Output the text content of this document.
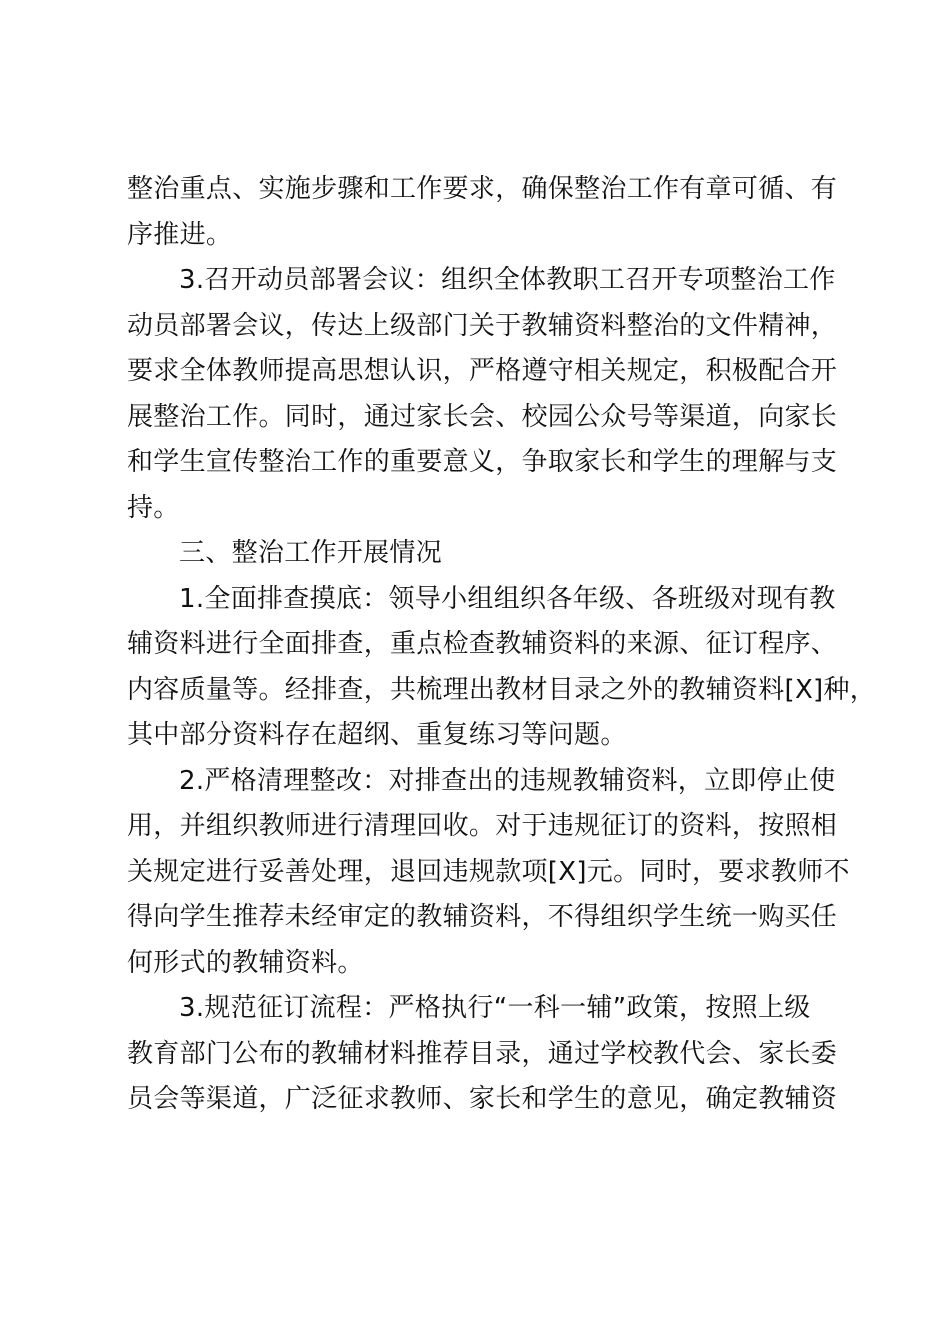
整治重点、实施步骤和工作要求，确保整治工作有章可循、有
序推进。
3.召开动员部署会议：组织全体教职工召开专项整治工作
动员部署会议，传达上级部门关于教辅资料整治的文件精神，
要求全体教师提高思想认识，严格遵守相关规定，积极配合开
展整治工作。同时，通过家长会、校园公众号等渠道，向家长
和学生宣传整治工作的重要意义，争取家长和学生的理解与支
持。
三、整治工作开展情况
1.全面排查摸底：领导小组组织各年级、各班级对现有教
辅资料进行全面排查，重点检查教辅资料的来源、征订程序、
内容质量等。经排查，共梳理出教材目录之外的教辅资料[X]种，
其中部分资料存在超纲、重复练习等问题。
2.严格清理整改：对排查出的违规教辅资料，立即停止使
用，并组织教师进行清理回收。对于违规征订的资料，按照相
关规定进行妥善处理，退回违规款项[X]元。同时，要求教师不
得向学生推荐未经审定的教辅资料，不得组织学生统一购买任
何形式的教辅资料。
3.规范征订流程：严格执行“一科一辅”政策，按照上级
教育部门公布的教辅材料推荐目录，通过学校教代会、家长委
员会等渠道，广泛征求教师、家长和学生的意见，确定教辅资
